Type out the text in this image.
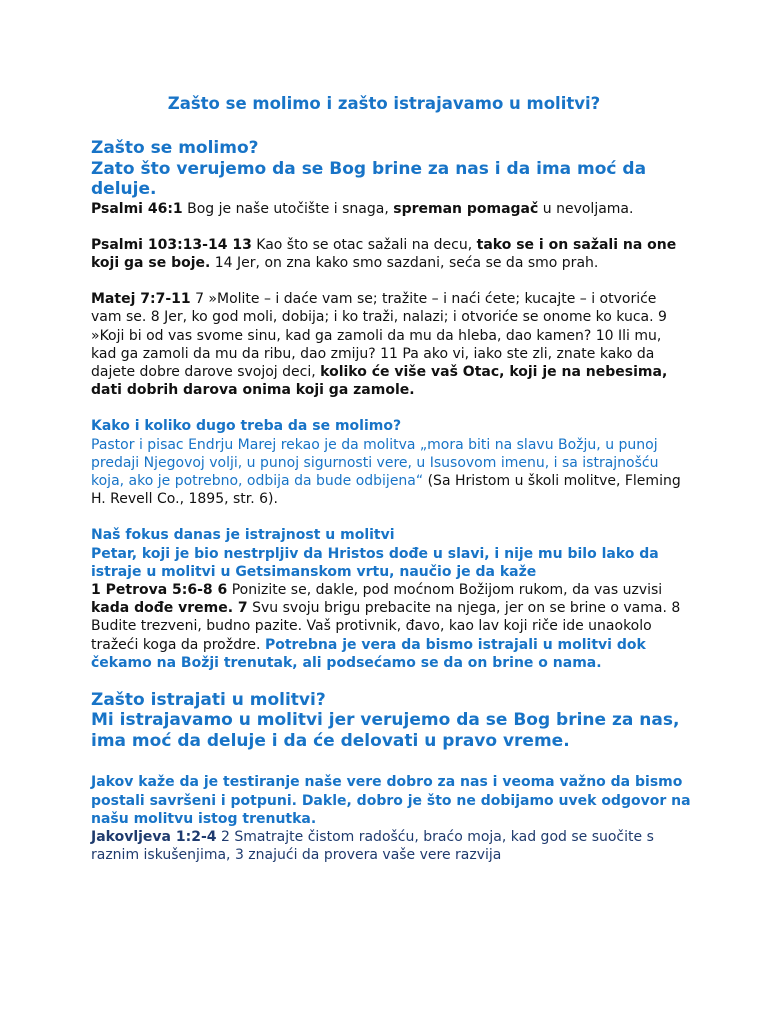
Zašto se molimo i zašto istrajavamo u molitvi?

Zašto se molimo?

Zato što verujemo da se Bog brine za nas i da ima moć da deluje.

Psalmi 46:1 Bog je naše utočište i snaga, spreman pomagač u nevoljama.

Psalmi 103:13-14 13 Kao što se otac sažali na decu, tako se i on sažali na one koji ga se boje. 14 Jer, on zna kako smo sazdani, seća se da smo prah.

Matej 7:7-11 7 »Molite – i daće vam se; tražite – i naći ćete; kucajte – i otvoriće vam se. 8 Jer, ko god moli, dobija; i ko traži, nalazi; i otvoriće se onome ko kuca. 9 »Koji bi od vas svome sinu, kad ga zamoli da mu da hleba, dao kamen? 10 Ili mu, kad ga zamoli da mu da ribu, dao zmiju? 11 Pa ako vi, iako ste zli, znate kako da dajete dobre darove svojoj deci, koliko će više vaš Otac, koji je na nebesima, dati dobrih darova onima koji ga zamole.

Kako i koliko dugo treba da se molimo?

Pastor i pisac Endrju Marej rekao je da molitva „mora biti na slavu Božju, u punoj predaji Njegovoj volji, u punoj sigurnosti vere, u Isusovom imenu, i sa istrajnošću koja, ako je potrebno, odbija da bude odbijena“ (Sa Hristom u školi molitve, Fleming H. Revell Co., 1895, str. 6).

Naš fokus danas je istrajnost u molitvi

Petar, koji je bio nestrpljiv da Hristos dođe u slavi, i nije mu bilo lako da istraje u molitvi u Getsimanskom vrtu, naučio je da kaže

1 Petrova 5:6-8 6 Ponizite se, dakle, pod moćnom Božijom rukom, da vas uzvisi kada dođe vreme. 7 Svu svoju brigu prebacite na njega, jer on se brine o vama. 8 Budite trezveni, budno pazite. Vaš protivnik, đavo, kao lav koji riče ide unaokolo tražeći koga da proždre. Potrebna je vera da bismo istrajali u molitvi dok čekamo na Božji trenutak, ali podsećamo se da on brine o nama.

Zašto istrajati u molitvi?

Mi istrajavamo u molitvi jer verujemo da se Bog brine za nas, ima moć da deluje i da će delovati u pravo vreme.

Jakov kaže da je testiranje naše vere dobro za nas i veoma važno da bismo postali savršeni i potpuni. Dakle, dobro je što ne dobijamo uvek odgovor na našu molitvu istog trenutka.

Jakovljeva 1:2-4 2 Smatrajte čistom radošću, braćo moja, kad god se suočite s raznim iskušenjima, 3 znajući da provera vaše vere razvija
